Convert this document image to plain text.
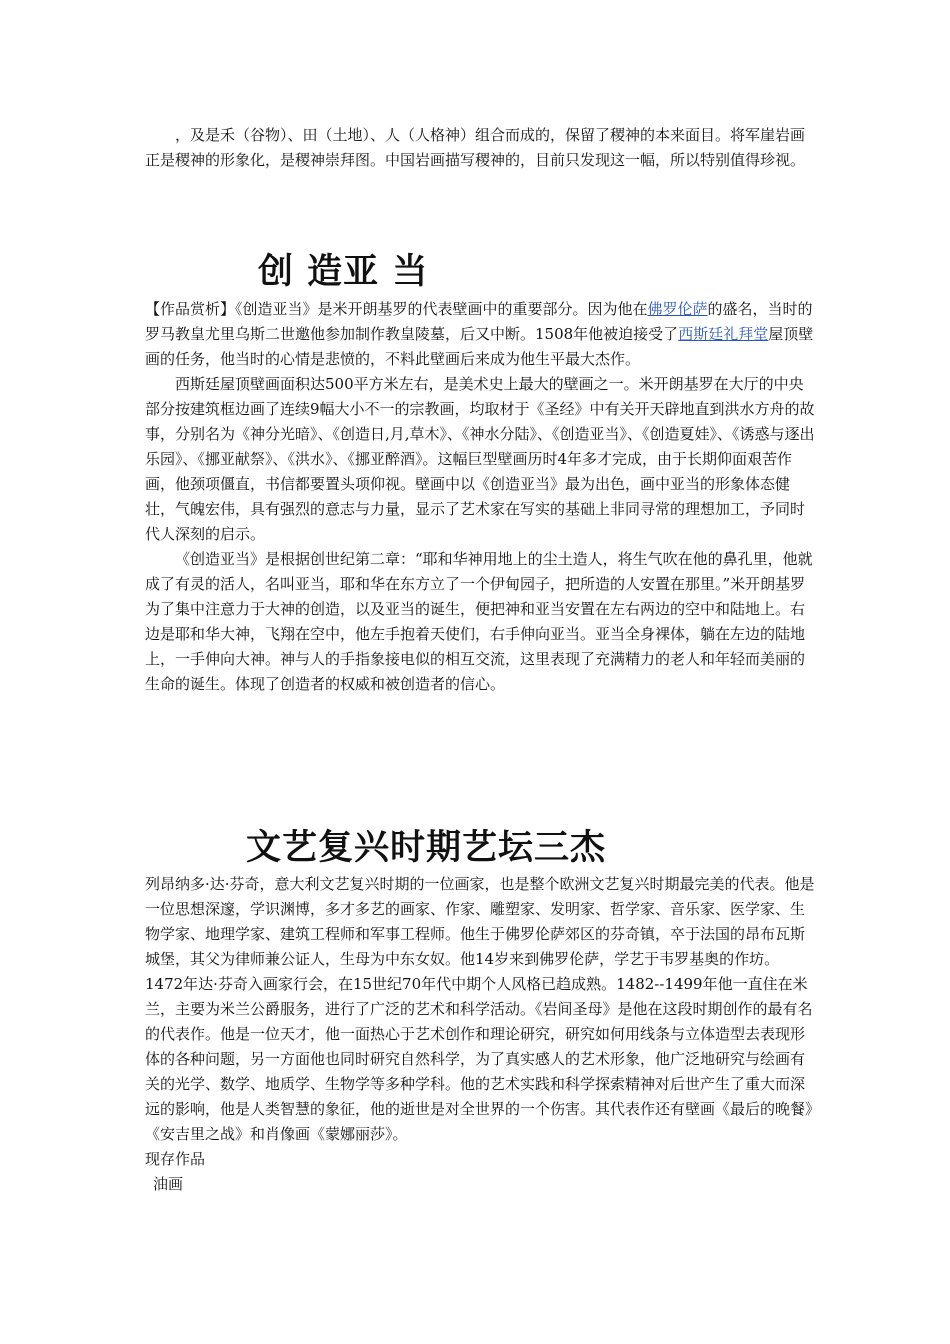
，及是禾（谷物）、田（土地）、人（人格神）组合而成的，保留了稷神的本来面目。将军崖岩画正是稷神的形象化，是稷神崇拜图。中国岩画描写稷神的，目前只发现这一幅，所以特别值得珍视。

创 造亚 当

【作品赏析】《创造亚当》是米开朗基罗的代表壁画中的重要部分。因为他在佛罗伦萨的盛名，当时的罗马教皇尤里乌斯二世邀他参加制作教皇陵墓，后又中断。1508年他被迫接受了西斯廷礼拜堂屋顶壁画的任务，他当时的心情是悲愤的，不料此壁画后来成为他生平最大杰作。

西斯廷屋顶壁画面积达500平方米左右，是美术史上最大的壁画之一。米开朗基罗在大厅的中央部分按建筑框边画了连续9幅大小不一的宗教画，均取材于《圣经》中有关开天辟地直到洪水方舟的故事，分别名为《神分光暗》、《创造日,月,草木》、《神水分陆》、《创造亚当》、《创造夏娃》、《诱惑与逐出乐园》、《挪亚献祭》、《洪水》、《挪亚醉酒》。这幅巨型壁画历时4年多才完成，由于长期仰面艰苦作画，他颈项僵直，书信都要置头项仰视。壁画中以《创造亚当》最为出色，画中亚当的形象体态健壮，气魄宏伟，具有强烈的意志与力量，显示了艺术家在写实的基础上非同寻常的理想加工，予同时代人深刻的启示。

《创造亚当》是根据创世纪第二章：“耶和华神用地上的尘土造人，将生气吹在他的鼻孔里，他就成了有灵的活人，名叫亚当，耶和华在东方立了一个伊甸园子，把所造的人安置在那里。”米开朗基罗为了集中注意力于大神的创造，以及亚当的诞生，便把神和亚当安置在左右两边的空中和陆地上。右边是耶和华大神，飞翔在空中，他左手抱着天使们，右手伸向亚当。亚当全身裸体，躺在左边的陆地上，一手伸向大神。神与人的手指象接电似的相互交流，这里表现了充满精力的老人和年轻而美丽的生命的诞生。体现了创造者的权威和被创造者的信心。

文艺复兴时期艺坛三杰

列昂纳多·达·芬奇，意大利文艺复兴时期的一位画家，也是整个欧洲文艺复兴时期最完美的代表。他是一位思想深邃，学识渊博，多才多艺的画家、作家、雕塑家、发明家、哲学家、音乐家、医学家、生物学家、地理学家、建筑工程师和军事工程师。他生于佛罗伦萨郊区的芬奇镇，卒于法国的昂布瓦斯城堡，其父为律师兼公证人，生母为中东女奴。他14岁来到佛罗伦萨，学艺于韦罗基奥的作坊。1472年达·芬奇入画家行会，在15世纪70年代中期个人风格已趋成熟。1482--1499年他一直住在米兰，主要为米兰公爵服务，进行了广泛的艺术和科学活动。《岩间圣母》是他在这段时期创作的最有名的代表作。他是一位天才，他一面热心于艺术创作和理论研究，研究如何用线条与立体造型去表现形体的各种问题，另一方面他也同时研究自然科学，为了真实感人的艺术形象，他广泛地研究与绘画有关的光学、数学、地质学、生物学等多种学科。他的艺术实践和科学探索精神对后世产生了重大而深远的影响，他是人类智慧的象征，他的逝世是对全世界的一个伤害。其代表作还有壁画《最后的晚餐》《安吉里之战》和肖像画《蒙娜丽莎》。

现存作品

油画
